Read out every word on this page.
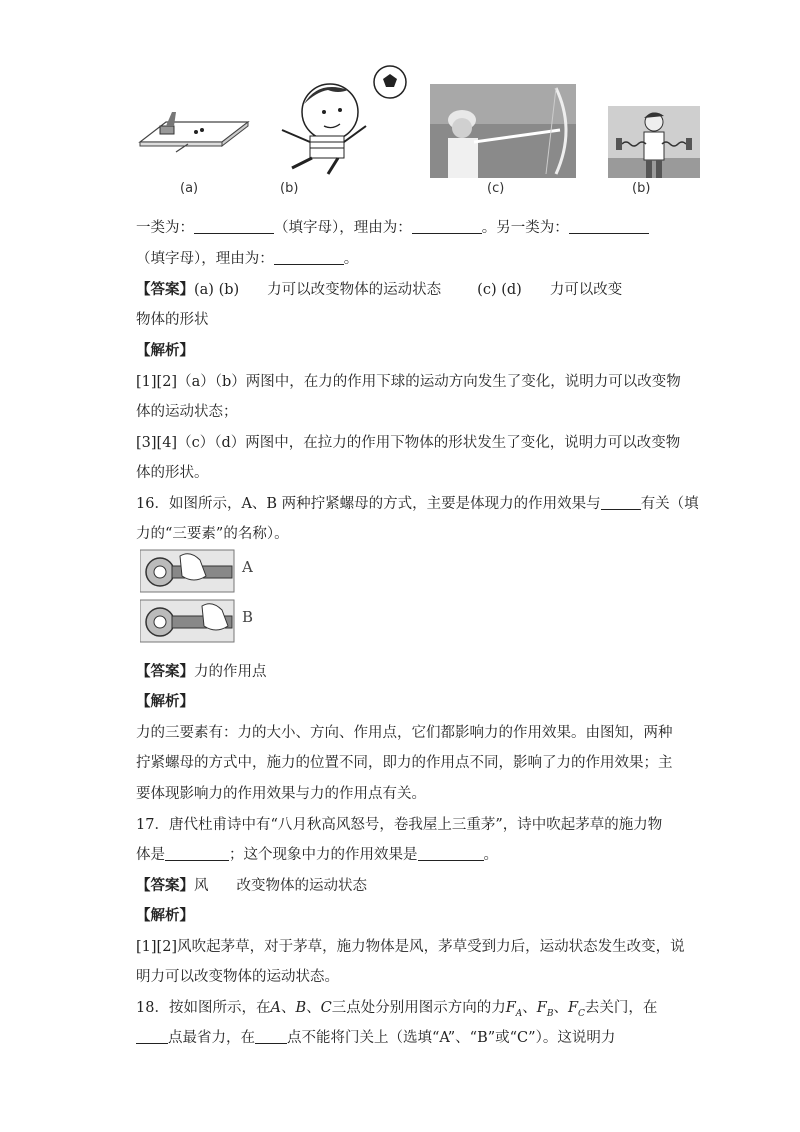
(a)	(b)	(c)	(b)
一类为：	（填字母），理由为：	。另一类为：
（填字母），理由为：	。
【答案】(a) (b) 力可以改变物体的运动状态 (c) (d) 力可以改变
物体的形状
【解析】
[1][2]（a）（b）两图中，在力的作用下球的运动方向发生了变化，说明力可以改变物
体的运动状态；
[3][4]（c）（d）两图中，在拉力的作用下物体的形状发生了变化，说明力可以改变物
体的形状。
16．如图所示，A、B 两种拧紧螺母的方式，主要是体现力的作用效果与	有关（填
力的“三要素”的名称）。
A
B
【答案】力的作用点
【解析】
力的三要素有：力的大小、方向、作用点，它们都影响力的作用效果。由图知，两种
拧紧螺母的方式中，施力的位置不同，即力的作用点不同，影响了力的作用效果；主
要体现影响力的作用效果与力的作用点有关。
17．唐代杜甫诗中有“八月秋高风怒号，卷我屋上三重茅”，诗中吹起茅草的施力物
体是	；这个现象中力的作用效果是	。
【答案】风 改变物体的运动状态
【解析】
[1][2]风吹起茅草，对于茅草，施力物体是风，茅草受到力后，运动状态发生改变，说
明力可以改变物体的运动状态。
18．按如图所示，在A、B、C三点处分别用图示方向的力$F_A$、$F_B$、$F_C$去关门，在
点最省力，在 点不能将门关上（选填“A”、“B”或“C”）。这说明力
